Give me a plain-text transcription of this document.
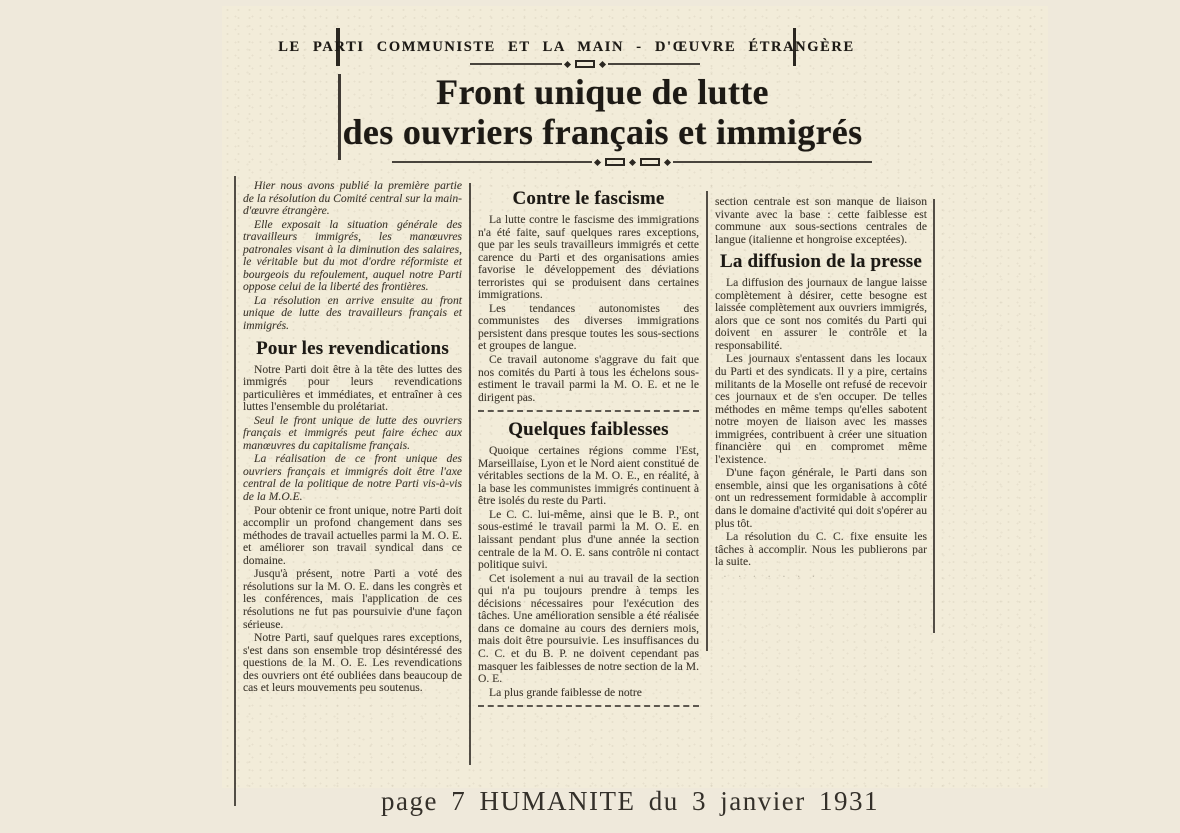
LE PARTI COMMUNISTE ET LA MAIN - D'ŒUVRE ÉTRANGÈRE
Front unique de lutte
des ouvriers français et immigrés
Hier nous avons publié la première partie de la résolution du Comité central sur la main-d'œuvre étrangère.
Elle exposait la situation générale des travailleurs immigrés, les manœuvres patronales visant à la diminution des salaires, le véritable but du mot d'ordre réformiste et bourgeois du refoulement, auquel notre Parti oppose celui de la liberté des frontières.
La résolution en arrive ensuite au front unique de lutte des travailleurs français et immigrés.
Pour les revendications
Notre Parti doit être à la tête des luttes des immigrés pour leurs revendications particulières et immédiates, et entraîner à ces luttes l'ensemble du prolétariat.
Seul le front unique de lutte des ouvriers français et immigrés peut faire échec aux manœuvres du capitalisme français.
La réalisation de ce front unique des ouvriers français et immigrés doit être l'axe central de la politique de notre Parti vis-à-vis de la M.O.E.
Pour obtenir ce front unique, notre Parti doit accomplir un profond changement dans ses méthodes de travail actuelles parmi la M. O. E. et améliorer son travail syndical dans ce domaine.
Jusqu'à présent, notre Parti a voté des résolutions sur la M. O. E. dans les congrès et les conférences, mais l'application de ces résolutions ne fut pas poursuivie d'une façon sérieuse.
Notre Parti, sauf quelques rares exceptions, s'est dans son ensemble trop désintéressé des questions de la M. O. E. Les revendications des ouvriers ont été oubliées dans beaucoup de cas et leurs mouvements peu soutenus.
Contre le fascisme
La lutte contre le fascisme des immigrations n'a été faite, sauf quelques rares exceptions, que par les seuls travailleurs immigrés et cette carence du Parti et des organisations amies favorise le développement des déviations terroristes qui se produisent dans certaines immigrations.
Les tendances autonomistes des communistes des diverses immigrations persistent dans presque toutes les sous-sections et groupes de langue.
Ce travail autonome s'aggrave du fait que nos comités du Parti à tous les échelons sous-estiment le travail parmi la M. O. E. et ne le dirigent pas.
Quelques faiblesses
Quoique certaines régions comme l'Est, Marseillaise, Lyon et le Nord aient constitué de véritables sections de la M. O. E., en réalité, à la base les communistes immigrés continuent à être isolés du reste du Parti.
Le C. C. lui-même, ainsi que le B. P., ont sous-estimé le travail parmi la M. O. E. en laissant pendant plus d'une année la section centrale de la M. O. E. sans contrôle ni contact politique suivi.
Cet isolement a nui au travail de la section qui n'a pu toujours prendre à temps les décisions nécessaires pour l'exécution des tâches. Une amélioration sensible a été réalisée dans ce domaine au cours des derniers mois, mais doit être poursuivie. Les insuffisances du C. C. et du B. P. ne doivent cependant pas masquer les faiblesses de notre section de la M. O. E.
La plus grande faiblesse de notre
section centrale est son manque de liaison vivante avec la base : cette faiblesse est commune aux sous-sections centrales de langue (italienne et hongroise exceptées).
La diffusion de la presse
La diffusion des journaux de langue laisse complètement à désirer, cette besogne est laissée complètement aux ouvriers immigrés, alors que ce sont nos comités du Parti qui doivent en assurer le contrôle et la responsabilité.
Les journaux s'entassent dans les locaux du Parti et des syndicats. Il y a pire, certains militants de la Moselle ont refusé de recevoir ces journaux et de s'en occuper. De telles méthodes en même temps qu'elles sabotent notre moyen de liaison avec les masses immigrées, contribuent à créer une situation financière qui en compromet même l'existence.
D'une façon générale, le Parti dans son ensemble, ainsi que les organisations à côté ont un redressement formidable à accomplir dans le domaine d'activité qui doit s'opérer au plus tôt.
La résolution du C. C. fixe ensuite les tâches à accomplir. Nous les publierons par la suite.
· · · · · · ·
page 7 HUMANITE du 3 janvier 1931
